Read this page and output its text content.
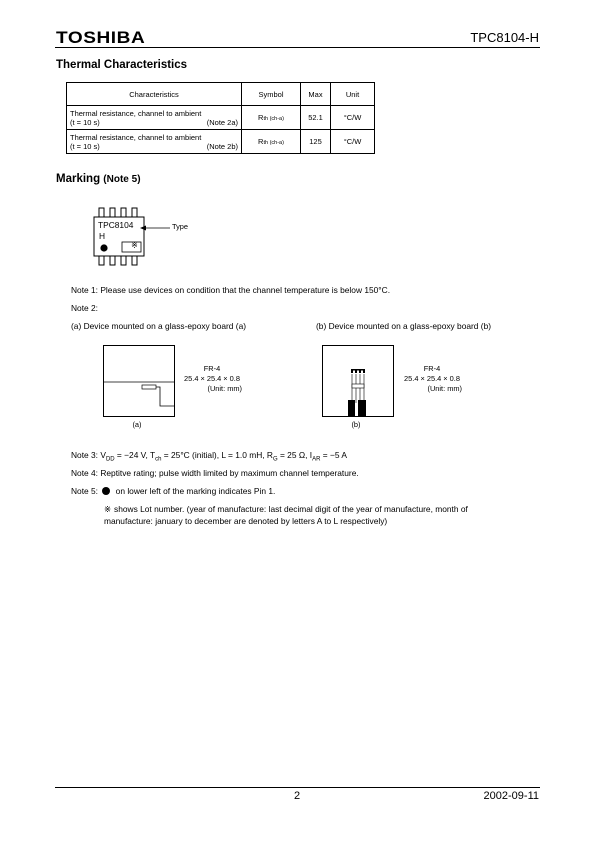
TOSHIBA	TPC8104-H
Thermal Characteristics
Characteristics	Symbol	Max	Unit

Thermal resistance, channel to ambient
(t = 10 s) (Note 2a)	Rth (ch-a)	52.1	°C/W

Thermal resistance, channel to ambient
(t = 10 s) (Note 2b)	Rth (ch-a)	125	°C/W
Marking (Note 5)
TPC8104
H
※
Type
Note 1: Please use devices on condition that the channel temperature is below 150°C.
Note 2:
(a) Device mounted on a glass-epoxy board (a)	(b) Device mounted on a glass-epoxy board (b)
FR-4
25.4 × 25.4 × 0.8
(Unit: mm)
(a)
FR-4
25.4 × 25.4 × 0.8
(Unit: mm)
(b)
Note 3: $V_{DD} = -24$ V, $T_{ch} = 25^\circ C$ (initial), L = 1.0 mH, $R_G = 25$ Ω, $I_{AR} = -5$ A
Note 4: Reptitve rating; pulse width limited by maximum channel temperature.
Note 5: on lower left of the marking indicates Pin 1.
※ shows Lot number. (year of manufacture: last decimal digit of the year of manufacture, month of
manufacture: january to december are denoted by letters A to L respectively)
2	2002-09-11
